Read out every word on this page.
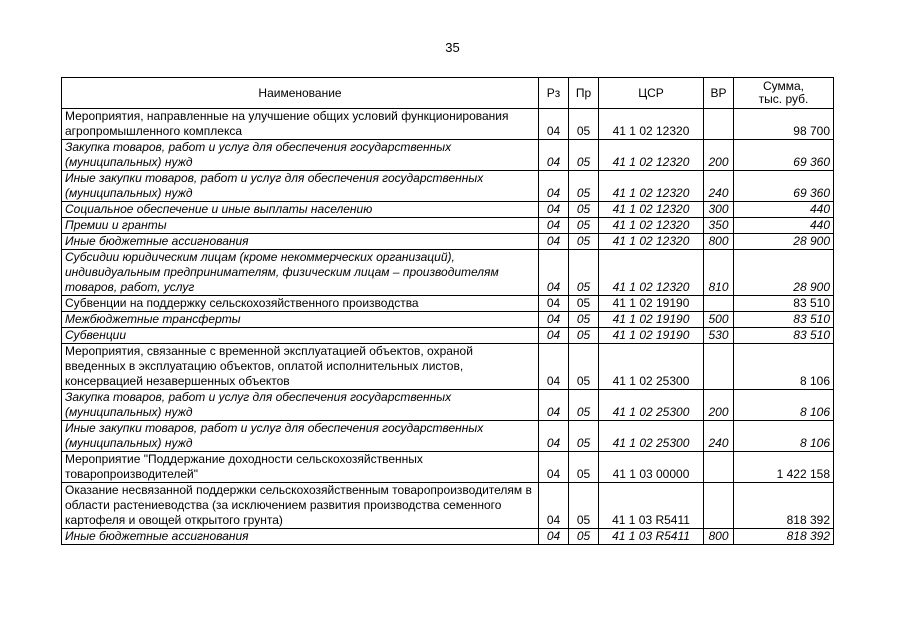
35
Наименование	Рз	Пр	ЦСР	ВР	Сумма,
тыс. руб.
Мероприятия, направленные на улучшение общих условий функционирования агропромышленного комплекса	04	05	41 1 02 12320		98 700
Закупка товаров, работ и услуг для обеспечения государственных (муниципальных) нужд	04	05	41 1 02 12320	200	69 360
Иные закупки товаров, работ и услуг для обеспечения государственных (муниципальных) нужд	04	05	41 1 02 12320	240	69 360
Социальное обеспечение и иные выплаты населению	04	05	41 1 02 12320	300	440
Премии и гранты	04	05	41 1 02 12320	350	440
Иные бюджетные ассигнования	04	05	41 1 02 12320	800	28 900
Субсидии юридическим лицам (кроме некоммерческих организаций), индивидуальным предпринимателям, физическим лицам – производителям товаров, работ, услуг	04	05	41 1 02 12320	810	28 900
Субвенции на поддержку сельскохозяйственного производства	04	05	41 1 02 19190		83 510
Межбюджетные трансферты	04	05	41 1 02 19190	500	83 510
Субвенции	04	05	41 1 02 19190	530	83 510
Мероприятия, связанные с временной эксплуатацией объектов, охраной введенных в эксплуатацию объектов, оплатой исполнительных листов, консервацией незавершенных объектов	04	05	41 1 02 25300		8 106
Закупка товаров, работ и услуг для обеспечения государственных (муниципальных) нужд	04	05	41 1 02 25300	200	8 106
Иные закупки товаров, работ и услуг для обеспечения государственных (муниципальных) нужд	04	05	41 1 02 25300	240	8 106
Мероприятие "Поддержание доходности сельскохозяйственных товаропроизводителей"	04	05	41 1 03 00000		1 422 158
Оказание несвязанной поддержки сельскохозяйственным товаропроизводителям в области растениеводства (за исключением развития производства семенного картофеля и овощей открытого грунта)	04	05	41 1 03 R5411		818 392
Иные бюджетные ассигнования	04	05	41 1 03 R5411	800	818 392
